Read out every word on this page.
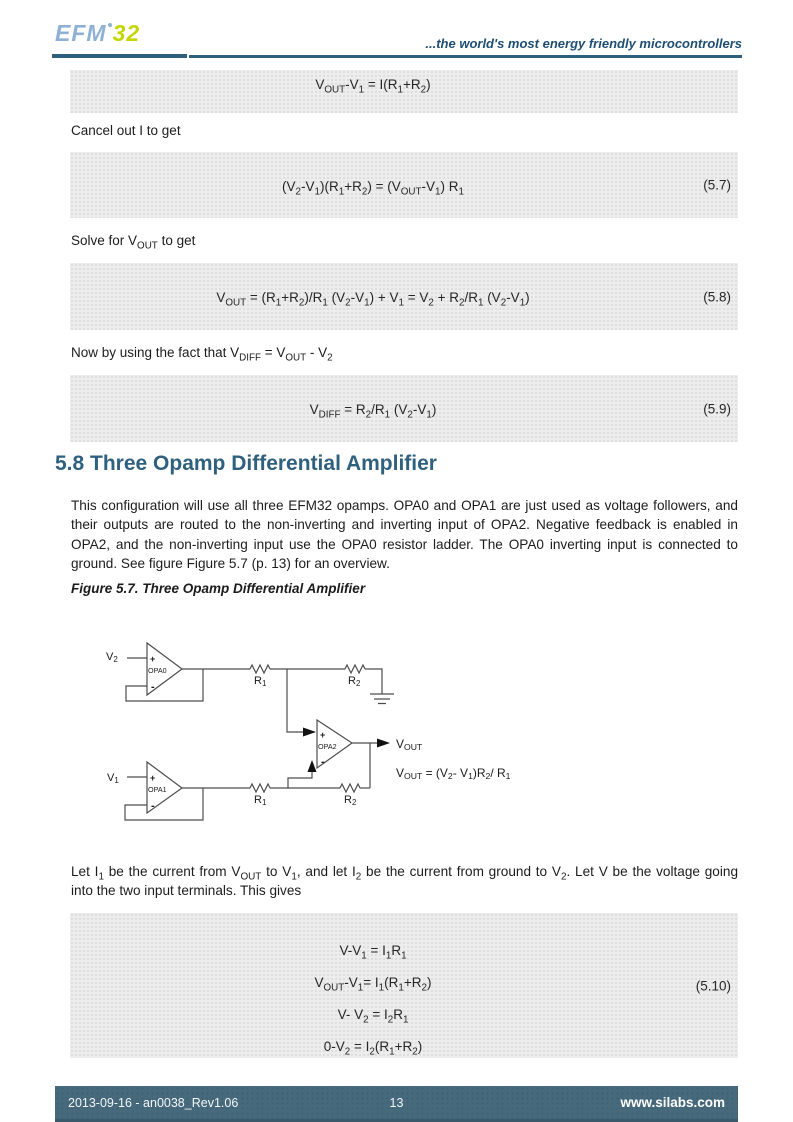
EFM 32	...the world's most energy friendly microcontrollers
$V_{OUT}-V_1 = I(R_1+R_2)$
Cancel out I to get
$(V_2-V_1)(R_1+R_2) = (V_{OUT}-V_1)$ $R_1$	(5.7)
Solve for $V_{OUT}$ to get
$V_{OUT} = (R_1+R_2)/R_1$ $(V_2-V_1) + V_1 = V_2 + R_2/R_1$ $(V_2-V_1)$	(5.8)
Now by using the fact that $V_{DIFF} = V_{OUT} - V_2$
$V_{DIFF} = R_2/R_1$ $(V_2-V_1)$	(5.9)
5.8 Three Opamp Differential Amplifier
This configuration will use all three EFM32 opamps. OPA0 and OPA1 are just used as voltage followers, and their outputs are routed to the non-inverting and inverting input of OPA2. Negative feedback is enabled in OPA2, and the non-inverting input use the OPA0 resistor ladder. The OPA0 inverting input is connected to ground. See figure Figure 5.7 (p. 13) for an overview.
Figure 5.7. Three Opamp Differential Amplifier
V2
V1
+
-
OPA0
+
-
OPA1
+
-
OPA2
R1	R2
R1	R2
VOUT
VOUT = (V2- V1)R2/ R1
Let $I_1$ be the current from $V_{OUT}$ to $V_1$, and let $I_2$ be the current from ground to $V_2$. Let V be the voltage going into the two input terminals. This gives
$V-V_1 = I_1R_1$
$V_{OUT}-V_1= I_1(R_1+R_2)$
V- $V_2 = I_2R_1$
$0-V_2 = I_2(R_1+R_2)$
(5.10)
2013-09-16 - an0038_Rev1.06	13	www.silabs.com
